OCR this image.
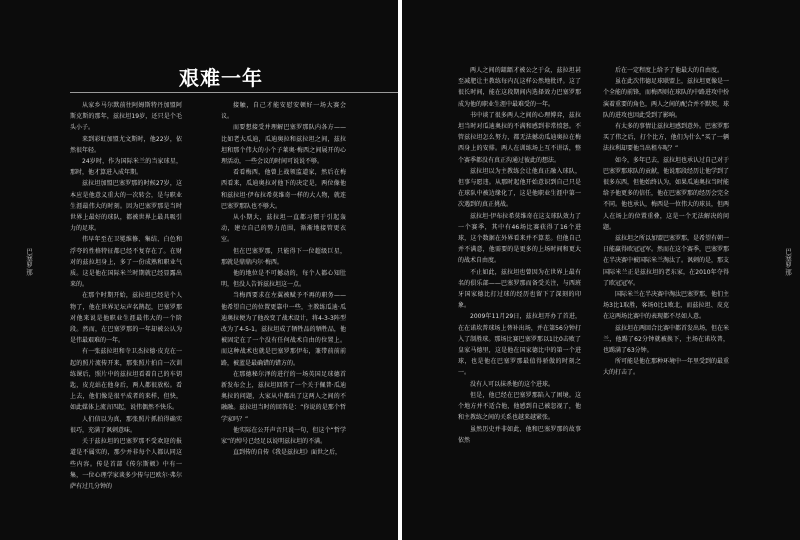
巴塞罗那
艰难一年

从家乡马尔默前往阿姆斯特丹加盟阿斯克斯的那年，兹拉坦19岁，还只是个毛头小子。

来到彩虹加盟尤文斯时，他22岁，依然很年轻。

24岁时，作为国际米兰的当家球星，那时，他才算进入成年期。

兹拉坦加盟巴塞罗那的时候27岁，这本应是他意义重大的一次转会，是与职业生涯最伟大的时刻。因为巴塞罗那是当时世界上最好的球队，都被世界上最具吸引力的足球。

伟早年至在卫冕维修、集结、白色和浮夸的性格特征都已经不复存在了。在财对的兹拉坦身上，多了一份成熟和职业气质。这是他在国际米兰时期就已经显露出来的。

在那个时期开始，兹拉坦已经是个人物了，他在世界足坛声名鹊起，巴塞罗那对他来说是他职业生涯最伟大的一个阶段。然而，在巴塞罗那的一年却被公认为是伟最艰难的一年。

有一张兹拉坦和寺卫杰拉德·皮克在一起的照片流传开来，那张照片拍自一次训练课后，照片中的兹拉坦看着自己的车钥匙，皮克站在他身后，两人都很放松。看上去，他们像是很平成者的来样，但快，如此媒体上流言四起，说伟偶然不快乐。

人们信以为真，那张照片抓拍得确实很巧，充满了讽刺意味。

关于兹拉坦的巴塞罗那不受欢迎的报道是不属实的，那少并非每个人都认同这些内容。传是首部《传尔斯顿》中有一集，一位心理学家谈多少传与巴欧尔·弗尔萨有过几分钟的

接触，自己才能安慰安顿好一场大赛会议。

而要想接受并理解巴塞罗那队内各方——比如老大瓜迪，瓜迪奥拉和兹拉坦之间，兹拉坦和那个伟大的小个子莱奥·梅西之间展开的心理活动，一些会议的时间可说说不够。

看看梅西，他曾上战领监道家，然后在梅西看来，瓜迪奥拉对他下的决定是，两位像他和兹拉坦·伊布拉希莫维奇一样的大人物，就连巴塞罗那队也不够大。

从小期大，兹拉坦一直都习惯于引起轰动，建立自己的势力范围，渐渐地接管更衣室。

但在巴塞罗那，只能得下一位超级巨星，那就是鼎鼎内尔·梅西。

他的地位是不可撼动的，每个人都心知肚明，但没人告诉兹拉坦这一点。

当梅西要求在左翼被赋予不再的职务——他希望自己的位置更靠中一些，主教练瓜迪·瓜迪奥拉便为了他改变了战术设计，将4-3-3阵型改为了4-5-1。兹拉坦成了牺牲品的牺牲品，他被固定在了一个没有任何战术自由的位置上。而这种战术也就是巴塞罗那伊布，兼带前前前路，被蓝是最确错的错方的。

在那德秘尔泽的进行的一场英国足球德首新发布会上，兹拉坦回答了一个关于佩普·瓜迪奥拉的问题，大家从中都出了这两人之间的不融融。兹拉坦当时的回答是：“你说的是那个哲学家吗？”

他实际在公开声音只说一句，但这个“哲学家”的绰号已经足以说明兹拉坦的不满。

直到传的自传《我是兹拉坦》面世之后，

两人之间的龃龉才被公之于众，兹拉坦甚至减肥让主教练每内瓦这样公然地批评。这了很长时间，能在这段期间内选择效力巴塞罗那成为他的职业生涯中最难受的一年。

书中谈了很多两人之间的心理博弈，兹拉坦当时对瓜迪奥拉的不满和感到非常愤怒。不管兹拉坦怎么努力，都无法撼动瓜迪奥拉在梅西身上的安排。两人在训练场上互不讲话，整个赛季都没有真正沟通过彼此的想法。

兹拉坦以为主教练会让他真正融入球队，但事与愿违。从那时起他开始意识到自己只是在球队中被边缘化了，这是他职业生涯中第一次遇到的真正挑战。

兹拉坦·伊布拉希莫维奇在这支球队效力了一个赛季，其中有46场比赛获得了16个进球，这个数据在外界看来并不算差。但他自己并不满意，他需要的是更多的上场时间和更大的战术自由度。

不止如此，兹拉坦也曾因为在世界上最有名的俱乐部——巴塞罗那而备受关注，与西班牙国家德比打过球的经历也留下了深刻的印象。

2009年11月29日，兹拉坦开办了首进，在在诺坎普球场上替补出场，并在第56分钟打入了制胜球。那场比赛巴塞罗那以1比0击败了皇家马德里，这是他在国家德比中的第一个进球，也是他在巴塞罗那最值得骄傲的时刻之一。

没有人可以抹杀他的这个进球。

但是，他已经在巴塞罗那陷入了困境。这个地方并不适合他，他感到自己被忽视了，他和主教练之间的关系也越来越紧张。

虽然历史并非如此，他和巴塞罗那的故事依然

后在一定程度上给予了他最大的自由度。

虽在此次伟德足球联盟上，兹拉坦更像是一个全能的前锋，而梅西则在球队的中路进攻中扮演着重要的角色，两人之间的配合并不默契，球队的进攻也因此受到了影响。

有太多的事情让兹拉坦感到意外。巴塞罗那买了伟之后，打个比方，他们为什么“买了一辆法拉利却要他当出租车呢？”

如今，多年已去，兹拉坦也承认过自己对于巴塞罗那球队的贡献，他说那段经历让他学到了很多东西，但他始终认为，如果瓜迪奥拉当时能给予他更多的信任，他在巴塞罗那的经历会完全不同。他也承认，梅西是一位伟大的球员，但两人在场上的位置重叠，这是一个无法解决的问题。

兹拉坦之所以加盟巴塞罗那，是希望有朝一日能赢得欧冠冠军。然而在这个赛季，巴塞罗那在半决赛中被国际米兰淘汰了。讽刺的是，那支国际米兰正是兹拉坦的老东家，在2010年夺得了欧冠冠军。

国际米兰在半决赛中淘汰巴塞罗那，他们主场3比1取胜，客场0比1败北，而兹拉坦、皮克在这两场比赛中的表现都不尽如人意。

兹拉坦在两回合比赛中都首发出场，但在米兰，他踢了62分钟就被换下，主场在诺坎普，也踢满了63分钟。

所可能是他在那种环境中一年里受到的最重大的打击了。

巴塞罗那
